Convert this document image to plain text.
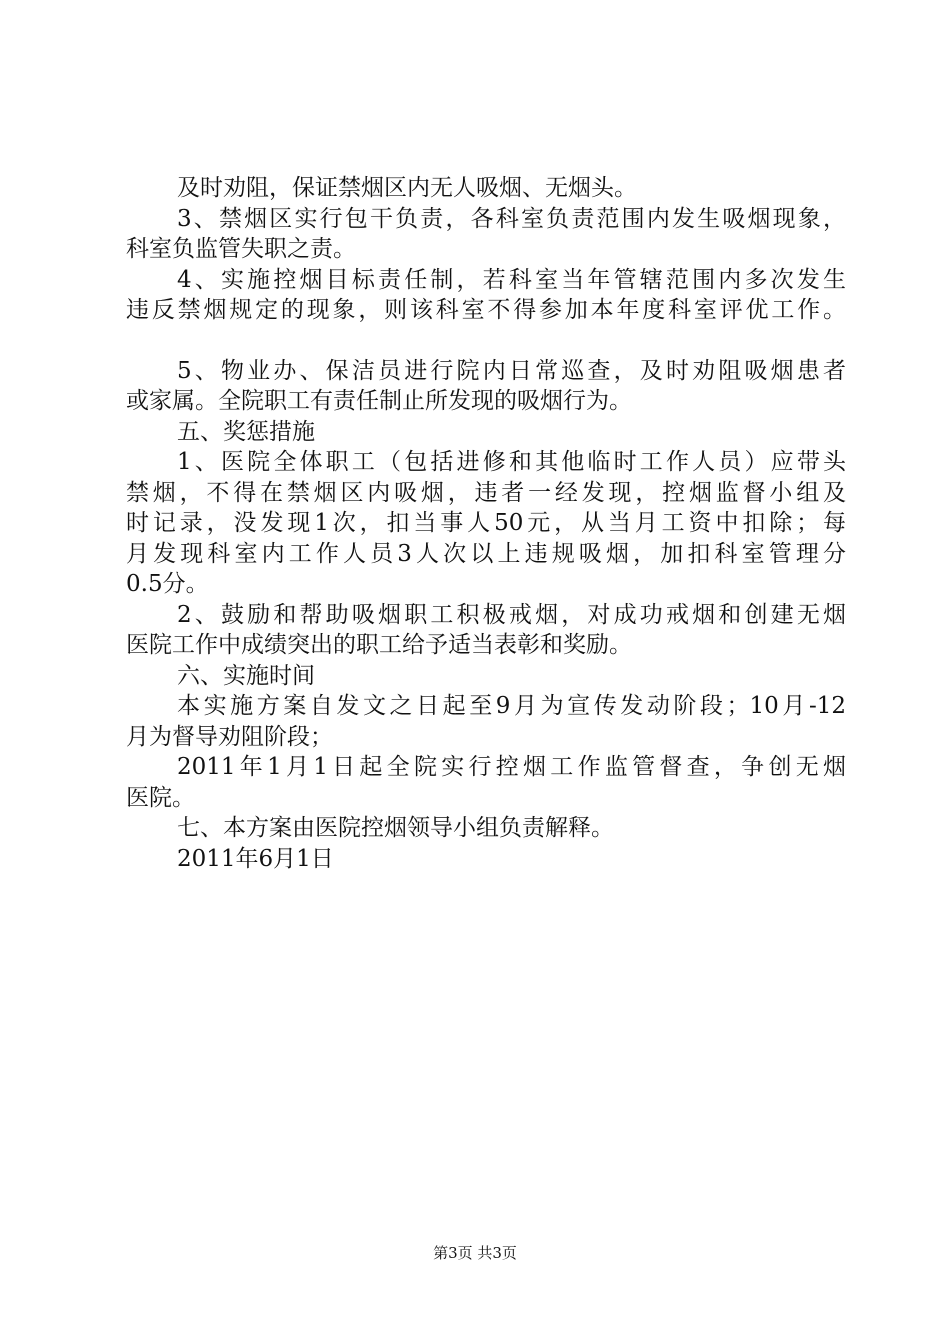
及时劝阻，保证禁烟区内无人吸烟、无烟头。
3、禁烟区实行包干负责，各科室负责范围内发生吸烟现象，
科室负监管失职之责。
4、实施控烟目标责任制，若科室当年管辖范围内多次发生
违反禁烟规定的现象，则该科室不得参加本年度科室评优工作。
5、物业办、保洁员进行院内日常巡查，及时劝阻吸烟患者
或家属。全院职工有责任制止所发现的吸烟行为。
五、奖惩措施
1、医院全体职工（包括进修和其他临时工作人员）应带头
禁烟，不得在禁烟区内吸烟，违者一经发现，控烟监督小组及
时记录，没发现1次，扣当事人50元，从当月工资中扣除；每
月发现科室内工作人员3人次以上违规吸烟，加扣科室管理分
0.5分。
2、鼓励和帮助吸烟职工积极戒烟，对成功戒烟和创建无烟
医院工作中成绩突出的职工给予适当表彰和奖励。
六、实施时间
本实施方案自发文之日起至9月为宣传发动阶段；10月-12
月为督导劝阻阶段；
2011年1月1日起全院实行控烟工作监管督查，争创无烟
医院。
七、本方案由医院控烟领导小组负责解释。
2011年6月1日
第3页 共3页
